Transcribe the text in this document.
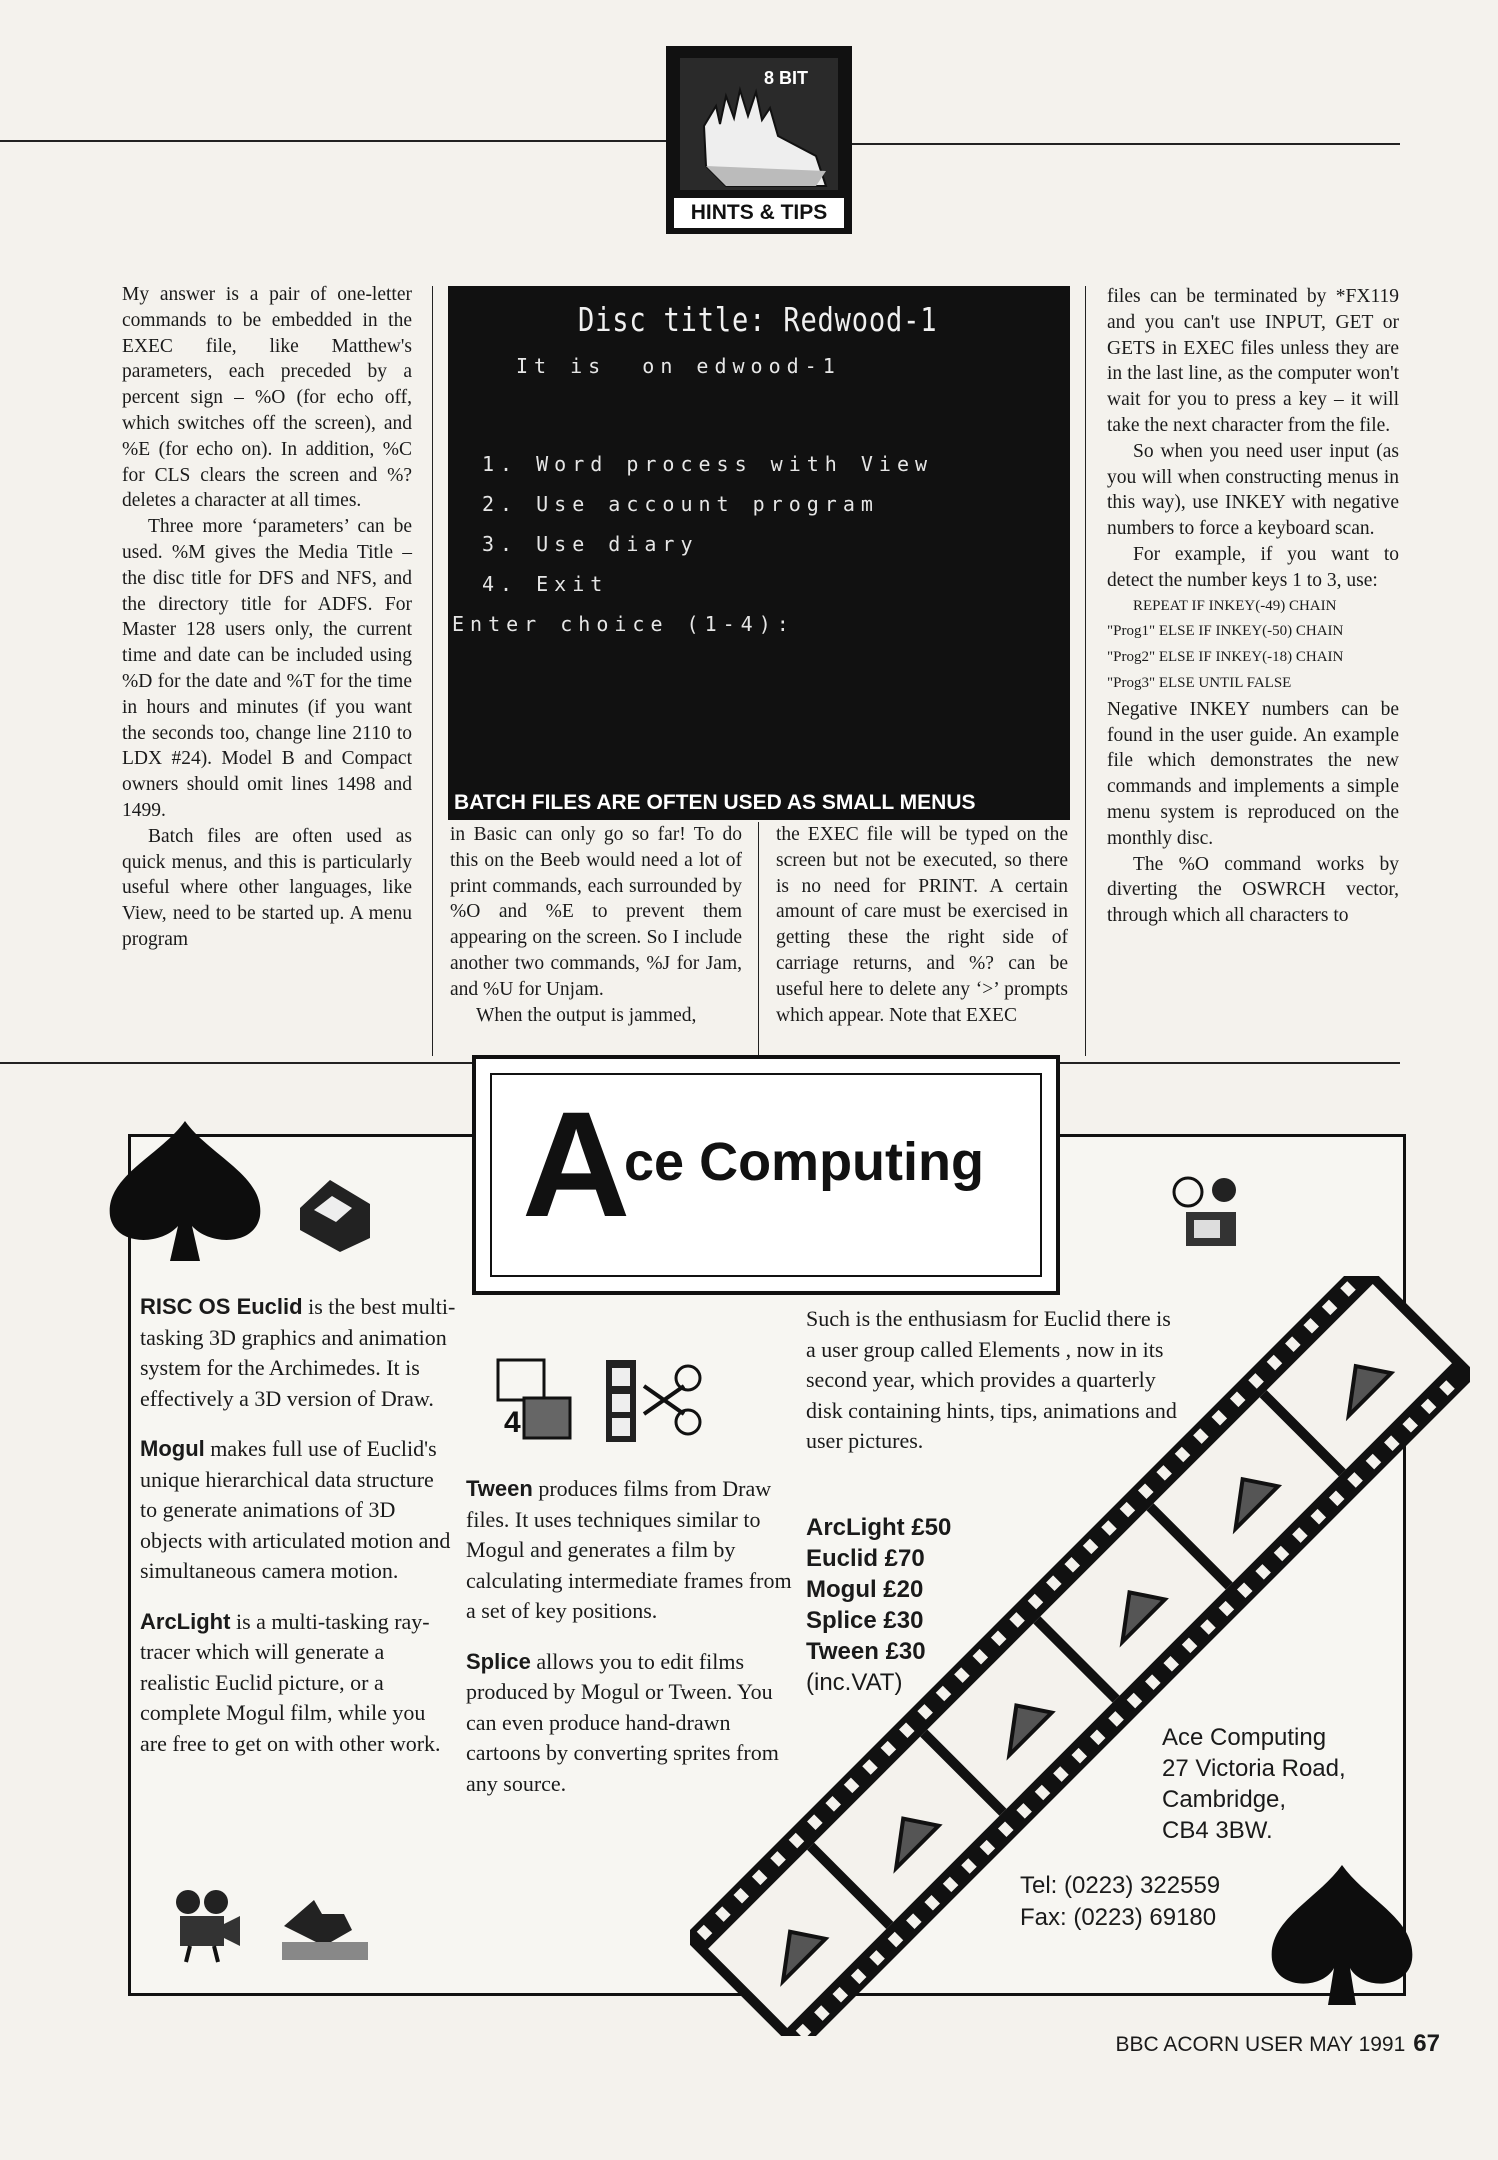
8 BIT
HINTS & TIPS

My answer is a pair of one-letter commands to be embedded in the EXEC file, like Matthew's parameters, each preceded by a percent sign – %O (for echo off, which switches off the screen), and %E (for echo on). In addition, %C for CLS clears the screen and %? deletes a character at all times.

Three more ‘parameters’ can be used. %M gives the Media Title – the disc title for DFS and NFS, and the directory title for ADFS. For Master 128 users only, the current time and date can be included using %D for the date and %T for the time in hours and minutes (if you want the seconds too, change line 2110 to LDX #24). Model B and Compact owners should omit lines 1498 and 1499.

Batch files are often used as quick menus, and this is particularly useful where other languages, like View, need to be started up. A menu program

Disc title: Redwood-1
It is  on edwood-1
1. Word process with View
2. Use account program
3. Use diary
4. Exit
Enter choice (1-4):
BATCH FILES ARE OFTEN USED AS SMALL MENUS

in Basic can only go so far! To do this on the Beeb would need a lot of print commands, each surrounded by %O and %E to prevent them appearing on the screen. So I include another two commands, %J for Jam, and %U for Unjam.

When the output is jammed,

the EXEC file will be typed on the screen but not be executed, so there is no need for PRINT. A certain amount of care must be exercised in getting these the right side of carriage returns, and %? can be useful here to delete any ‘>’ prompts which appear. Note that EXEC

files can be terminated by *FX119 and you can't use INPUT, GET or GETS in EXEC files unless they are in the last line, as the computer won't wait for you to press a key – it will take the next character from the file.

So when you need user input (as you will when constructing menus in this way), use INKEY with negative numbers to force a keyboard scan.

For example, if you want to detect the number keys 1 to 3, use:

REPEAT IF INKEY(-49) CHAIN

"Prog1" ELSE IF INKEY(-50) CHAIN

"Prog2" ELSE IF INKEY(-18) CHAIN

"Prog3" ELSE UNTIL FALSE

Negative INKEY numbers can be found in the user guide. An example file which demonstrates the new commands and implements a simple menu system is reproduced on the monthly disc.

The %O command works by diverting the OSWRCH vector, through which all characters to

A
ce Computing

RISC OS Euclid is the best multi-tasking 3D graphics and animation system for the Archimedes. It is effectively a 3D version of Draw.

Mogul makes full use of Euclid's unique hierarchical data structure to generate animations of 3D objects with articulated motion and simultaneous camera motion.

ArcLight is a multi-tasking ray-tracer which will generate a realistic Euclid picture, or a complete Mogul film, while you are free to get on with other work.

4

Tween produces films from Draw files. It uses techniques similar to Mogul and generates a film by calculating intermediate frames from a set of key positions.

Splice allows you to edit films produced by Mogul or Tween. You can even produce hand-drawn cartoons by converting sprites from any source.

Such is the enthusiasm for Euclid there is a user group called Elements , now in its second year, which provides a quarterly disk containing hints, tips, animations and user pictures.
ArcLight £50
Euclid £70
Mogul £20
Splice £30
Tween £30
(inc.VAT)
Ace Computing
27 Victoria Road,
Cambridge,
CB4 3BW.
Tel: (0223) 322559
Fax: (0223) 69180
BBC ACORN USER MAY 1991 67
